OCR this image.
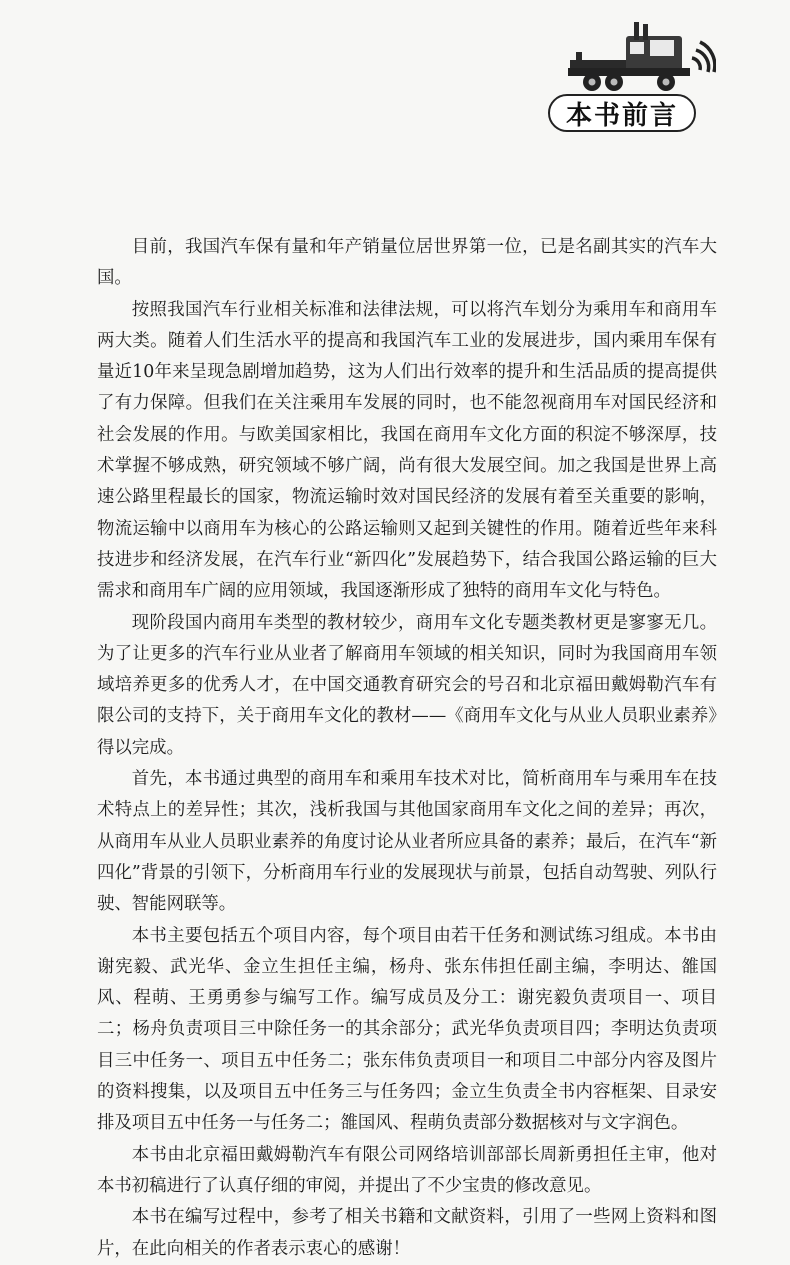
本书前言

目前，我国汽车保有量和年产销量位居世界第一位，已是名副其实的汽车大国。

按照我国汽车行业相关标准和法律法规，可以将汽车划分为乘用车和商用车两大类。随着人们生活水平的提高和我国汽车工业的发展进步，国内乘用车保有量近10年来呈现急剧增加趋势，这为人们出行效率的提升和生活品质的提高提供了有力保障。但我们在关注乘用车发展的同时，也不能忽视商用车对国民经济和社会发展的作用。与欧美国家相比，我国在商用车文化方面的积淀不够深厚，技术掌握不够成熟，研究领域不够广阔，尚有很大发展空间。加之我国是世界上高速公路里程最长的国家，物流运输时效对国民经济的发展有着至关重要的影响，物流运输中以商用车为核心的公路运输则又起到关键性的作用。随着近些年来科技进步和经济发展，在汽车行业“新四化”发展趋势下，结合我国公路运输的巨大需求和商用车广阔的应用领域，我国逐渐形成了独特的商用车文化与特色。

现阶段国内商用车类型的教材较少，商用车文化专题类教材更是寥寥无几。为了让更多的汽车行业从业者了解商用车领域的相关知识，同时为我国商用车领域培养更多的优秀人才，在中国交通教育研究会的号召和北京福田戴姆勒汽车有限公司的支持下，关于商用车文化的教材——《商用车文化与从业人员职业素养》得以完成。

首先，本书通过典型的商用车和乘用车技术对比，简析商用车与乘用车在技术特点上的差异性；其次，浅析我国与其他国家商用车文化之间的差异；再次，从商用车从业人员职业素养的角度讨论从业者所应具备的素养；最后，在汽车“新四化”背景的引领下，分析商用车行业的发展现状与前景，包括自动驾驶、列队行驶、智能网联等。

本书主要包括五个项目内容，每个项目由若干任务和测试练习组成。本书由谢宪毅、武光华、金立生担任主编，杨舟、张东伟担任副主编，李明达、雒国风、程萌、王勇勇参与编写工作。编写成员及分工：谢宪毅负责项目一、项目二；杨舟负责项目三中除任务一的其余部分；武光华负责项目四；李明达负责项目三中任务一、项目五中任务二；张东伟负责项目一和项目二中部分内容及图片的资料搜集，以及项目五中任务三与任务四；金立生负责全书内容框架、目录安排及项目五中任务一与任务二；雒国风、程萌负责部分数据核对与文字润色。

本书由北京福田戴姆勒汽车有限公司网络培训部部长周新勇担任主审，他对本书初稿进行了认真仔细的审阅，并提出了不少宝贵的修改意见。

本书在编写过程中，参考了相关书籍和文献资料，引用了一些网上资料和图片，在此向相关的作者表示衷心的感谢！
